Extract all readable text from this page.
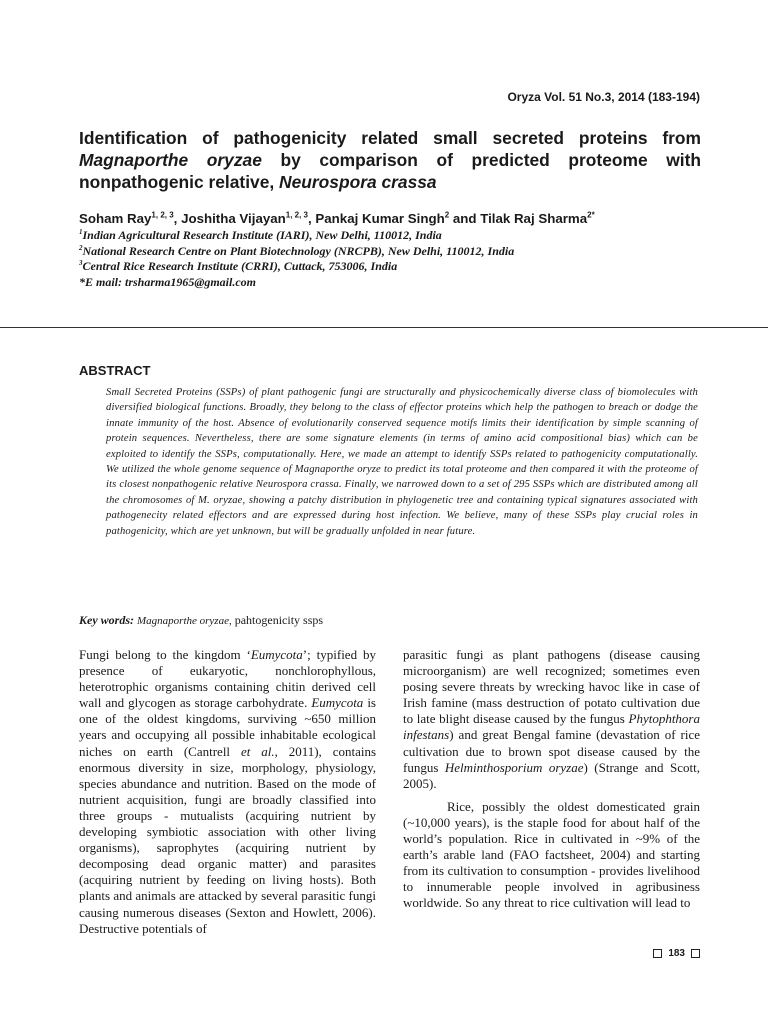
Oryza Vol. 51 No.3, 2014 (183-194)
Identification of pathogenicity related small secreted proteins from Magnaporthe oryzae by comparison of predicted proteome with nonpathogenic relative, Neurospora crassa
Soham Ray$^{1, 2, 3}$, Joshitha Vijayan$^{1, 2, 3}$, Pankaj Kumar Singh$^2$ and Tilak Raj Sharma$^{2*}$
$^1$Indian Agricultural Research Institute (IARI), New Delhi, 110012, India
$^2$National Research Centre on Plant Biotechnology (NRCPB), New Delhi, 110012, India
$^3$Central Rice Research Institute (CRRI), Cuttack, 753006, India
*E mail: trsharma1965@gmail.com
ABSTRACT

Small Secreted Proteins (SSPs) of plant pathogenic fungi are structurally and physicochemically diverse class of biomolecules with diversified biological functions. Broadly, they belong to the class of effector proteins which help the pathogen to breach or dodge the innate immunity of the host. Absence of evolutionarily conserved sequence motifs limits their identification by simple scanning of protein sequences. Nevertheless, there are some signature elements (in terms of amino acid compositional bias) which can be exploited to identify the SSPs, computationally. Here, we made an attempt to identify SSPs related to pathogenicity computationally. We utilized the whole genome sequence of Magnaporthe oryze to predict its total proteome and then compared it with the proteome of its closest nonpathogenic relative Neurospora crassa. Finally, we narrowed down to a set of 295 SSPs which are distributed among all the chromosomes of M. oryzae, showing a patchy distribution in phylogenetic tree and containing typical signatures associated with pathogenecity related effectors and are expressed during host infection. We believe, many of these SSPs play crucial roles in pathogenicity, which are yet unknown, but will be gradually unfolded in near future.

Key words: Magnaporthe oryzae, pahtogenicity ssps

Fungi belong to the kingdom ‘Eumycota’; typified by presence of eukaryotic, nonchlorophyllous, heterotrophic organisms containing chitin derived cell wall and glycogen as storage carbohydrate. Eumycota is one of the oldest kingdoms, surviving ~650 million years and occupying all possible inhabitable ecological niches on earth (Cantrell et al., 2011), contains enormous diversity in size, morphology, physiology, species abundance and nutrition. Based on the mode of nutrient acquisition, fungi are broadly classified into three groups - mutualists (acquiring nutrient by developing symbiotic association with other living organisms), saprophytes (acquiring nutrient by decomposing dead organic matter) and parasites (acquiring nutrient by feeding on living hosts). Both plants and animals are attacked by several parasitic fungi causing numerous diseases (Sexton and Howlett, 2006). Destructive potentials of

parasitic fungi as plant pathogens (disease causing microorganism) are well recognized; sometimes even posing severe threats by wrecking havoc like in case of Irish famine (mass destruction of potato cultivation due to late blight disease caused by the fungus Phytophthora infestans) and great Bengal famine (devastation of rice cultivation due to brown spot disease caused by the fungus Helminthosporium oryzae) (Strange and Scott, 2005).

Rice, possibly the oldest domesticated grain (~10,000 years), is the staple food for about half of the world’s population. Rice in cultivated in ~9% of the earth’s arable land (FAO factsheet, 2004) and starting from its cultivation to consumption - provides livelihood to innumerable people involved in agribusiness worldwide. So any threat to rice cultivation will lead to

183
